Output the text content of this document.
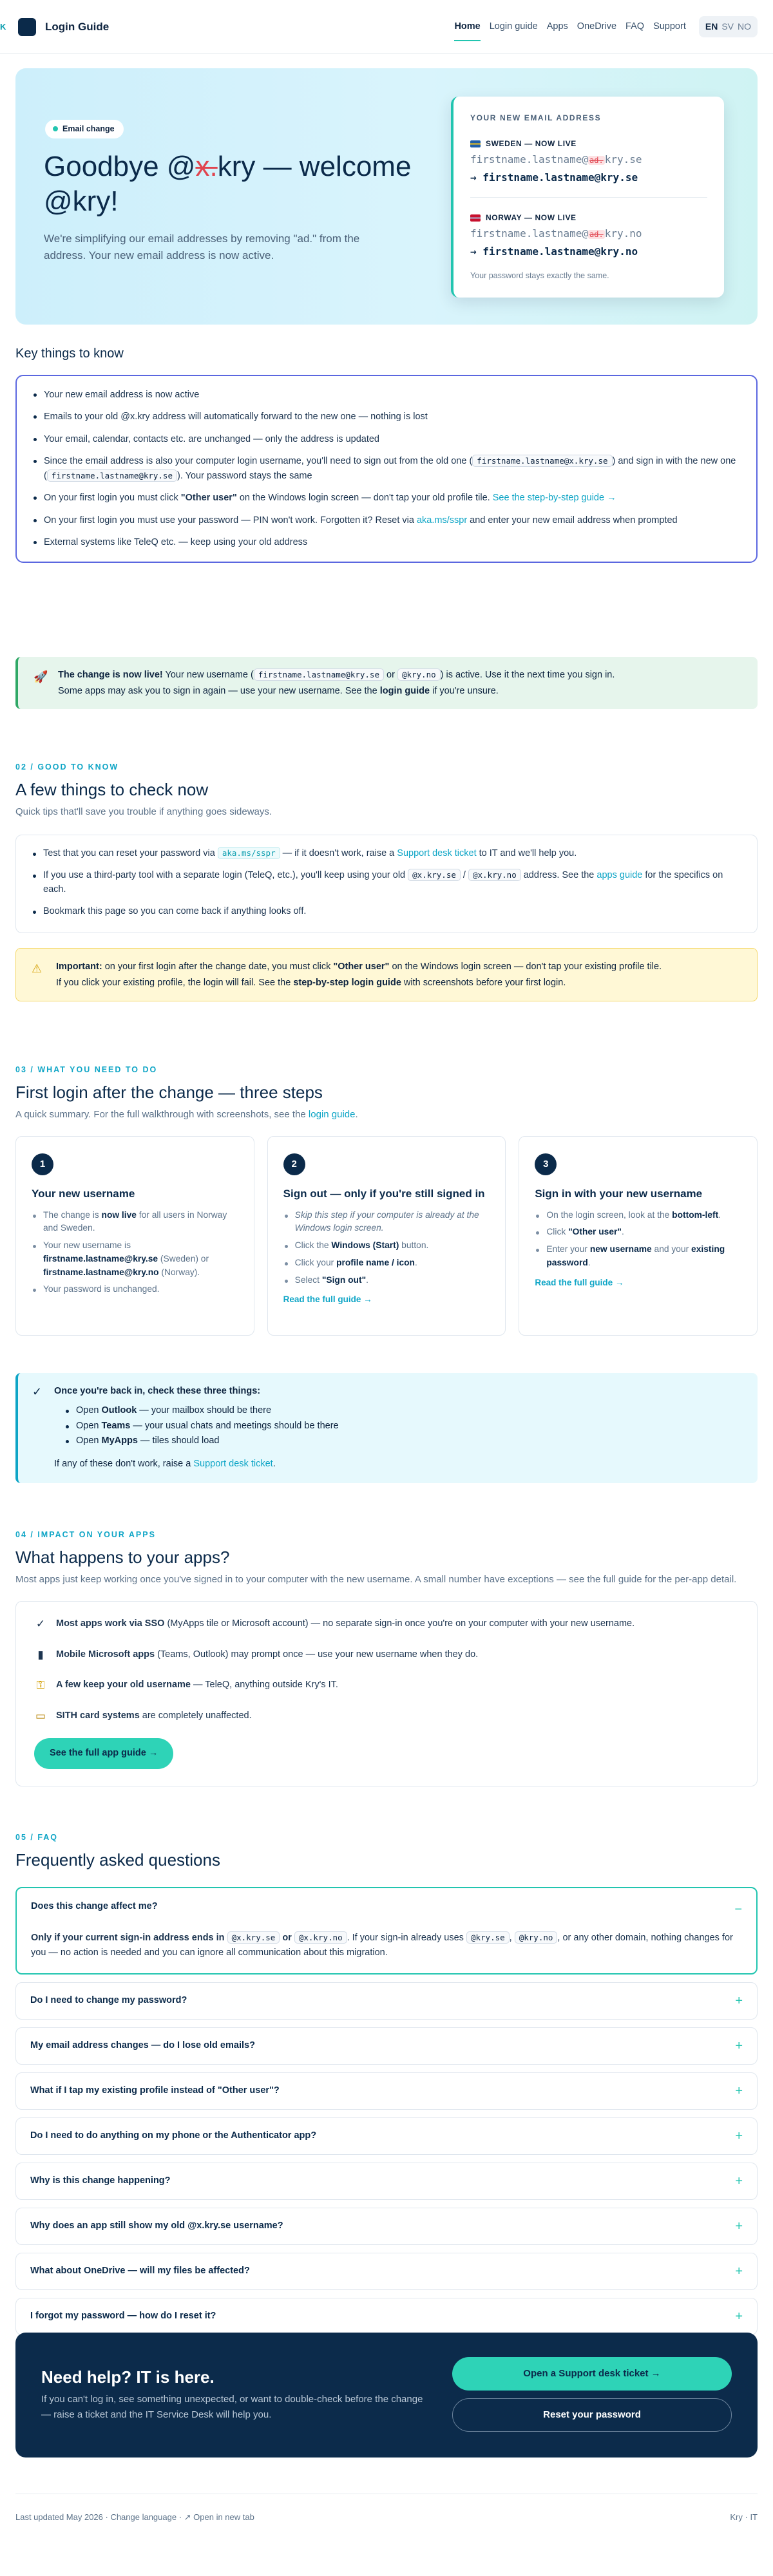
K	Login Guide	Home Login guide Apps OneDrive FAQ Support EN SV NO
Email change
Goodbye @x.kry — welcome @kry!

We're simplifying our email addresses by removing "ad." from the address. Your new email address is now active.

YOUR NEW EMAIL ADDRESS
SWEDEN — NOW LIVE
firstname.lastname@ ad. kry.se
→ firstname.lastname@kry.se
NORWAY — NOW LIVE
firstname.lastname@ ad. kry.no
→ firstname.lastname@kry.no
Your password stays exactly the same.
Key things to know
Your new email address is now active
Emails to your old @x.kry address will automatically forward to the new one — nothing is lost
Your email, calendar, contacts etc. are unchanged — only the address is updated
Since the email address is also your computer login username, you'll need to sign out from the old one ( firstname.lastname@x.kry.se ) and sign in with the new one ( firstname.lastname@kry.se ). Your password stays the same
On your first login you must click "Other user" on the Windows login screen — don't tap your old profile tile. See the step-by-step guide →
On your first login you must use your password — PIN won't work. Forgotten it? Reset via aka.ms/sspr and enter your new email address when prompted
External systems like TeleQ etc. — keep using your old address
🚀 The change is now live! Your new username ( firstname.lastname@kry.se or @kry.no ) is active. Use it the next time you sign in.
Some apps may ask you to sign in again — use your new username. See the login guide if you're unsure.
02 / GOOD TO KNOW
A few things to check now
Quick tips that'll save you trouble if anything goes sideways.
Test that you can reset your password via aka.ms/sspr — if it doesn't work, raise a Support desk ticket to IT and we'll help you.
If you use a third-party tool with a separate login (TeleQ, etc.), you'll keep using your old @x.kry.se / @x.kry.no address. See the apps guide for the specifics on each.
Bookmark this page so you can come back if anything looks off.
⚠ Important: on your first login after the change date, you must click "Other user" on the Windows login screen — don't tap your existing profile tile.
If you click your existing profile, the login will fail. See the step-by-step login guide with screenshots before your first login.
03 / WHAT YOU NEED TO DO
First login after the change — three steps
A quick summary. For the full walkthrough with screenshots, see the login guide.
1
Your new username
The change is now live for all users in Norway and Sweden.
Your new username is firstname.lastname@kry.se (Sweden) or firstname.lastname@kry.no (Norway).
Your password is unchanged.
2
Sign out — only if you're still signed in
Skip this step if your computer is already at the Windows login screen.
Click the Windows (Start) button.
Click your profile name / icon.
Select "Sign out".
Read the full guide →
3
Sign in with your new username
On the login screen, look at the bottom-left.
Click "Other user".
Enter your new username and your existing password.
Read the full guide →
✓ Once you're back in, check these three things:
Open Outlook — your mailbox should be there
Open Teams — your usual chats and meetings should be there
Open MyApps — tiles should load
If any of these don't work, raise a Support desk ticket.
04 / IMPACT ON YOUR APPS
What happens to your apps?
Most apps just keep working once you've signed in to your computer with the new username. A small number have exceptions — see the full guide for the per-app detail.
✓ Most apps work via SSO (MyApps tile or Microsoft account) — no separate sign-in once you're on your computer with your new username.
▮	Mobile Microsoft apps (Teams, Outlook) may prompt once — use your new username when they do.
⚿ A few keep your old username — TeleQ, anything outside Kry's IT.
▭ SITH card systems are completely unaffected.
See the full app guide →
05 / FAQ
Frequently asked questions
Does this change affect me?	−
Only if your current sign-in address ends in @x.kry.se or @x.kry.no . If your sign-in already uses @kry.se , @kry.no , or any other domain, nothing changes for you — no action is needed and you can ignore all communication about this migration.
Do I need to change my password?	+
My email address changes — do I lose old emails?	+
What if I tap my existing profile instead of "Other user"?	+
Do I need to do anything on my phone or the Authenticator app?	+
Why is this change happening?	+
Why does an app still show my old @x.kry.se username?	+
What about OneDrive — will my files be affected?	+
I forgot my password — how do I reset it?	+
Need help? IT is here.

If you can't log in, see something unexpected, or want to double-check before the change — raise a ticket and the IT Service Desk will help you.

Open a Support desk ticket →
Reset your password
Last updated May 2026 · Change language · ↗ Open in new tab	Kry · IT
